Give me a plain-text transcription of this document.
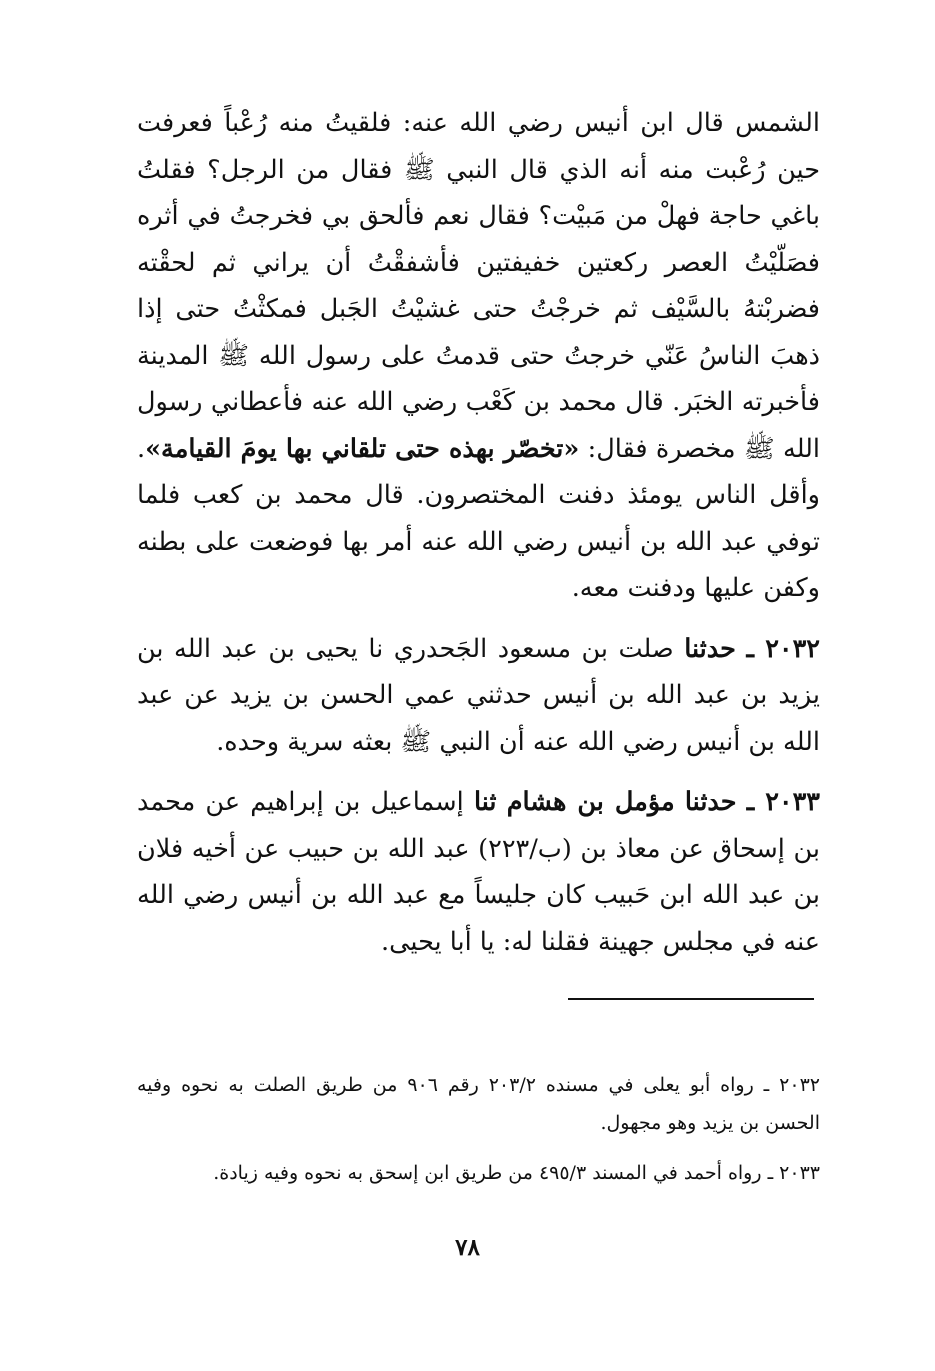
الشمس قال ابن أنيس رضي الله عنه: فلقيتُ منه رُعْباً فعرفت حين رُعْبت منه أنه الذي قال النبي ﷺ فقال من الرجل؟ فقلتُ باغي حاجة فهلْ من مَبيْت؟ فقال نعم فألحق بي فخرجتُ في أثره فصَلّيْتُ العصر ركعتين خفيفتين فأشفقْتُ أن يراني ثم لحقْته فضربْتهُ بالسَّيْف ثم خرجْتُ حتى غشيْتُ الجَبل فمكثْتُ حتى إذا ذهبَ الناسُ عَنّي خرجتُ حتى قدمتُ على رسول الله ﷺ المدينة فأخبرته الخبَر. قال محمد بن كَعْب رضي الله عنه فأعطاني رسول الله ﷺ مخصرة فقال: «تخصّر بهذه حتى تلقاني بها يومَ القيامة». وأقل الناس يومئذ دفنت المختصرون. قال محمد بن كعب فلما توفي عبد الله بن أنيس رضي الله عنه أمر بها فوضعت على بطنه وكفن عليها ودفنت معه.

٢٠٣٢ ـ حدثنا صلت بن مسعود الجَحدري نا يحيى بن عبد الله بن يزيد بن عبد الله بن أنيس حدثني عمي الحسن بن يزيد عن عبد الله بن أنيس رضي الله عنه أن النبي ﷺ بعثه سرية وحده.

٢٠٣٣ ـ حدثنا مؤمل بن هشام ثنا إسماعيل بن إبراهيم عن محمد بن إسحاق عن معاذ بن (ب/٢٢٣) عبد الله بن حبيب عن أخيه فلان بن عبد الله ابن حَبيب كان جليساً مع عبد الله بن أنيس رضي الله عنه في مجلس جهينة فقلنا له: يا أبا يحيى.

٢٠٣٢ ـ رواه أبو يعلى في مسنده ٢٠٣/٢ رقم ٩٠٦ من طريق الصلت به نحوه وفيه الحسن بن يزيد وهو مجهول.

٢٠٣٣ ـ رواه أحمد في المسند ٤٩٥/٣ من طريق ابن إسحق به نحوه وفيه زيادة.

٧٨
